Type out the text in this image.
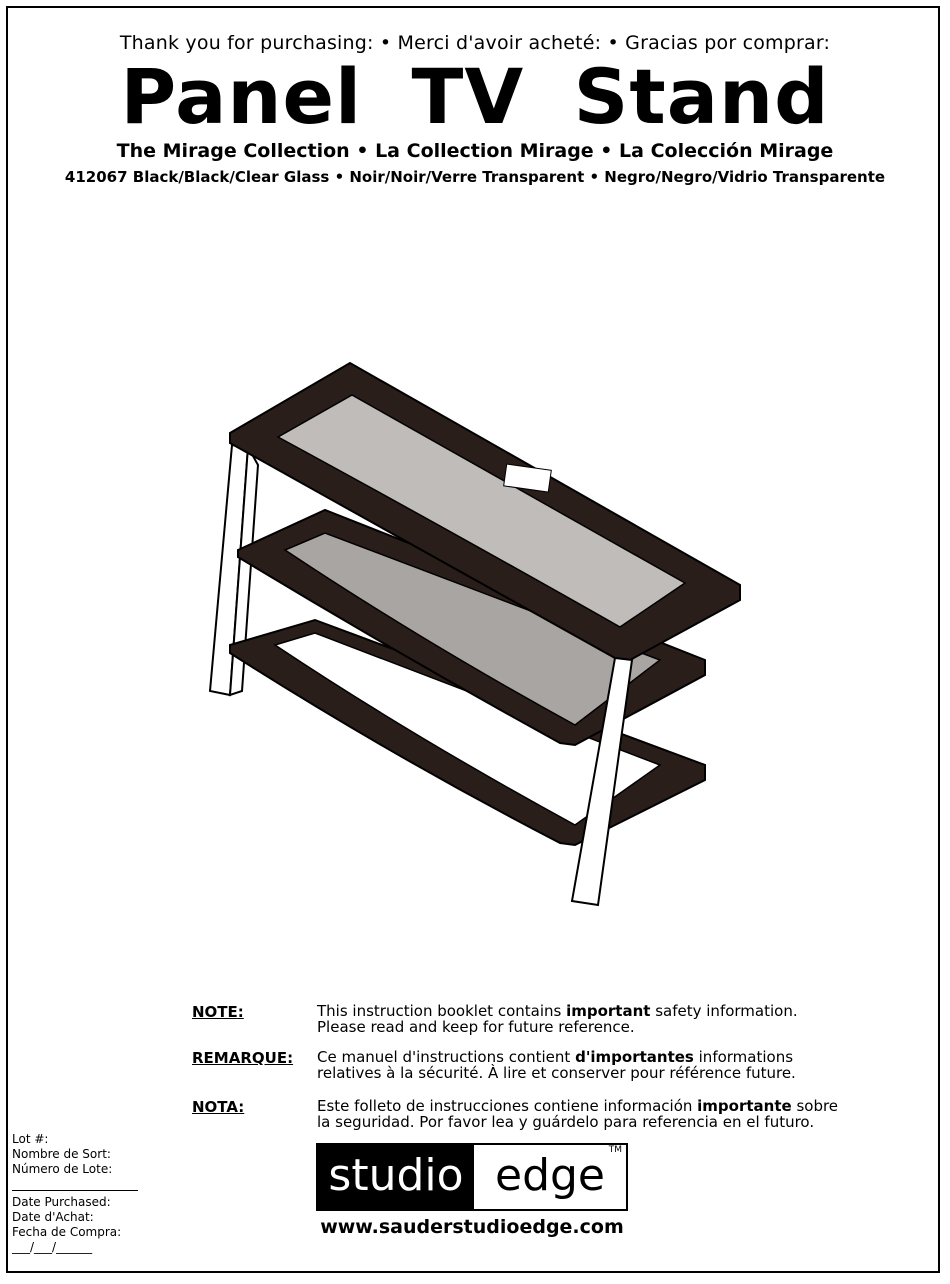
Thank you for purchasing: • Merci d'avoir acheté: • Gracias por comprar:
Panel TV Stand
The Mirage Collection • La Collection Mirage • La Colección Mirage
412067 Black/Black/Clear Glass • Noir/Noir/Verre Transparent • Negro/Negro/Vidrio Transparente
NOTE:	This instruction booklet contains important safety information.
Please read and keep for future reference.
REMARQUE: Ce manuel d'instructions contient d'importantes informations
relatives à la sécurité. À lire et conserver pour référence future.
NOTA:	Este folleto de instrucciones contiene información importante sobre
la seguridad. Por favor lea y guárdelo para referencia en el futuro.
Lot #:
Nombre de Sort:
Número de Lote:
Date Purchased:
Date d'Achat:
Fecha de Compra:
___/___/______
studio edge TM
www.sauderstudioedge.com
